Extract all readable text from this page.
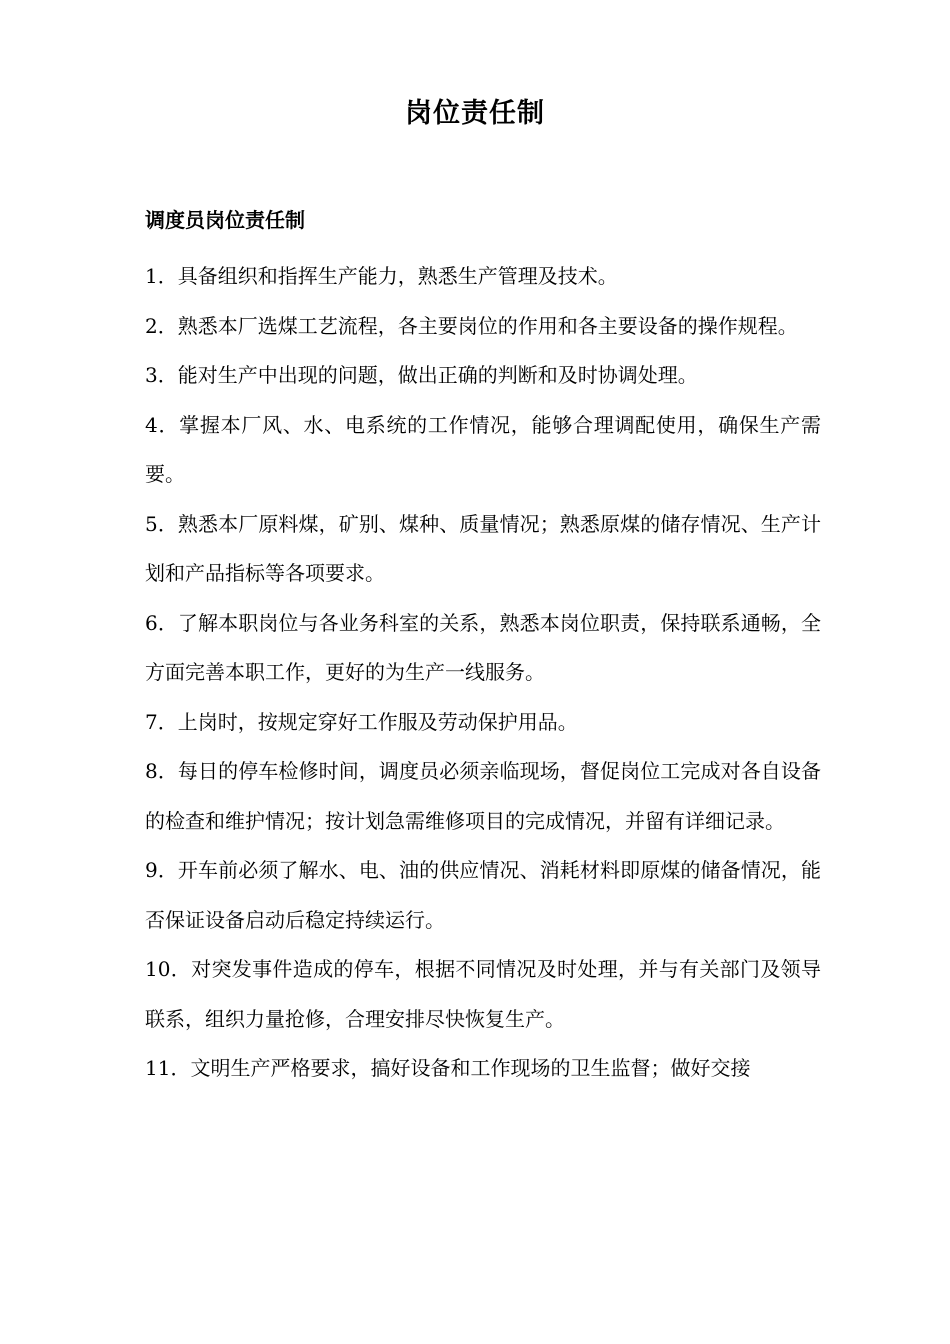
岗位责任制
调度员岗位责任制

1．具备组织和指挥生产能力，熟悉生产管理及技术。

2．熟悉本厂选煤工艺流程，各主要岗位的作用和各主要设备的操作规程。

3．能对生产中出现的问题，做出正确的判断和及时协调处理。

4．掌握本厂风、水、电系统的工作情况，能够合理调配使用，确保生产需要。

5．熟悉本厂原料煤，矿别、煤种、质量情况；熟悉原煤的储存情况、生产计划和产品指标等各项要求。

6．了解本职岗位与各业务科室的关系，熟悉本岗位职责，保持联系通畅，全方面完善本职工作，更好的为生产一线服务。

7．上岗时，按规定穿好工作服及劳动保护用品。

8．每日的停车检修时间，调度员必须亲临现场，督促岗位工完成对各自设备的检查和维护情况；按计划急需维修项目的完成情况，并留有详细记录。

9．开车前必须了解水、电、油的供应情况、消耗材料即原煤的储备情况，能否保证设备启动后稳定持续运行。

10．对突发事件造成的停车，根据不同情况及时处理，并与有关部门及领导联系，组织力量抢修，合理安排尽快恢复生产。

11．文明生产严格要求，搞好设备和工作现场的卫生监督；做好交接
